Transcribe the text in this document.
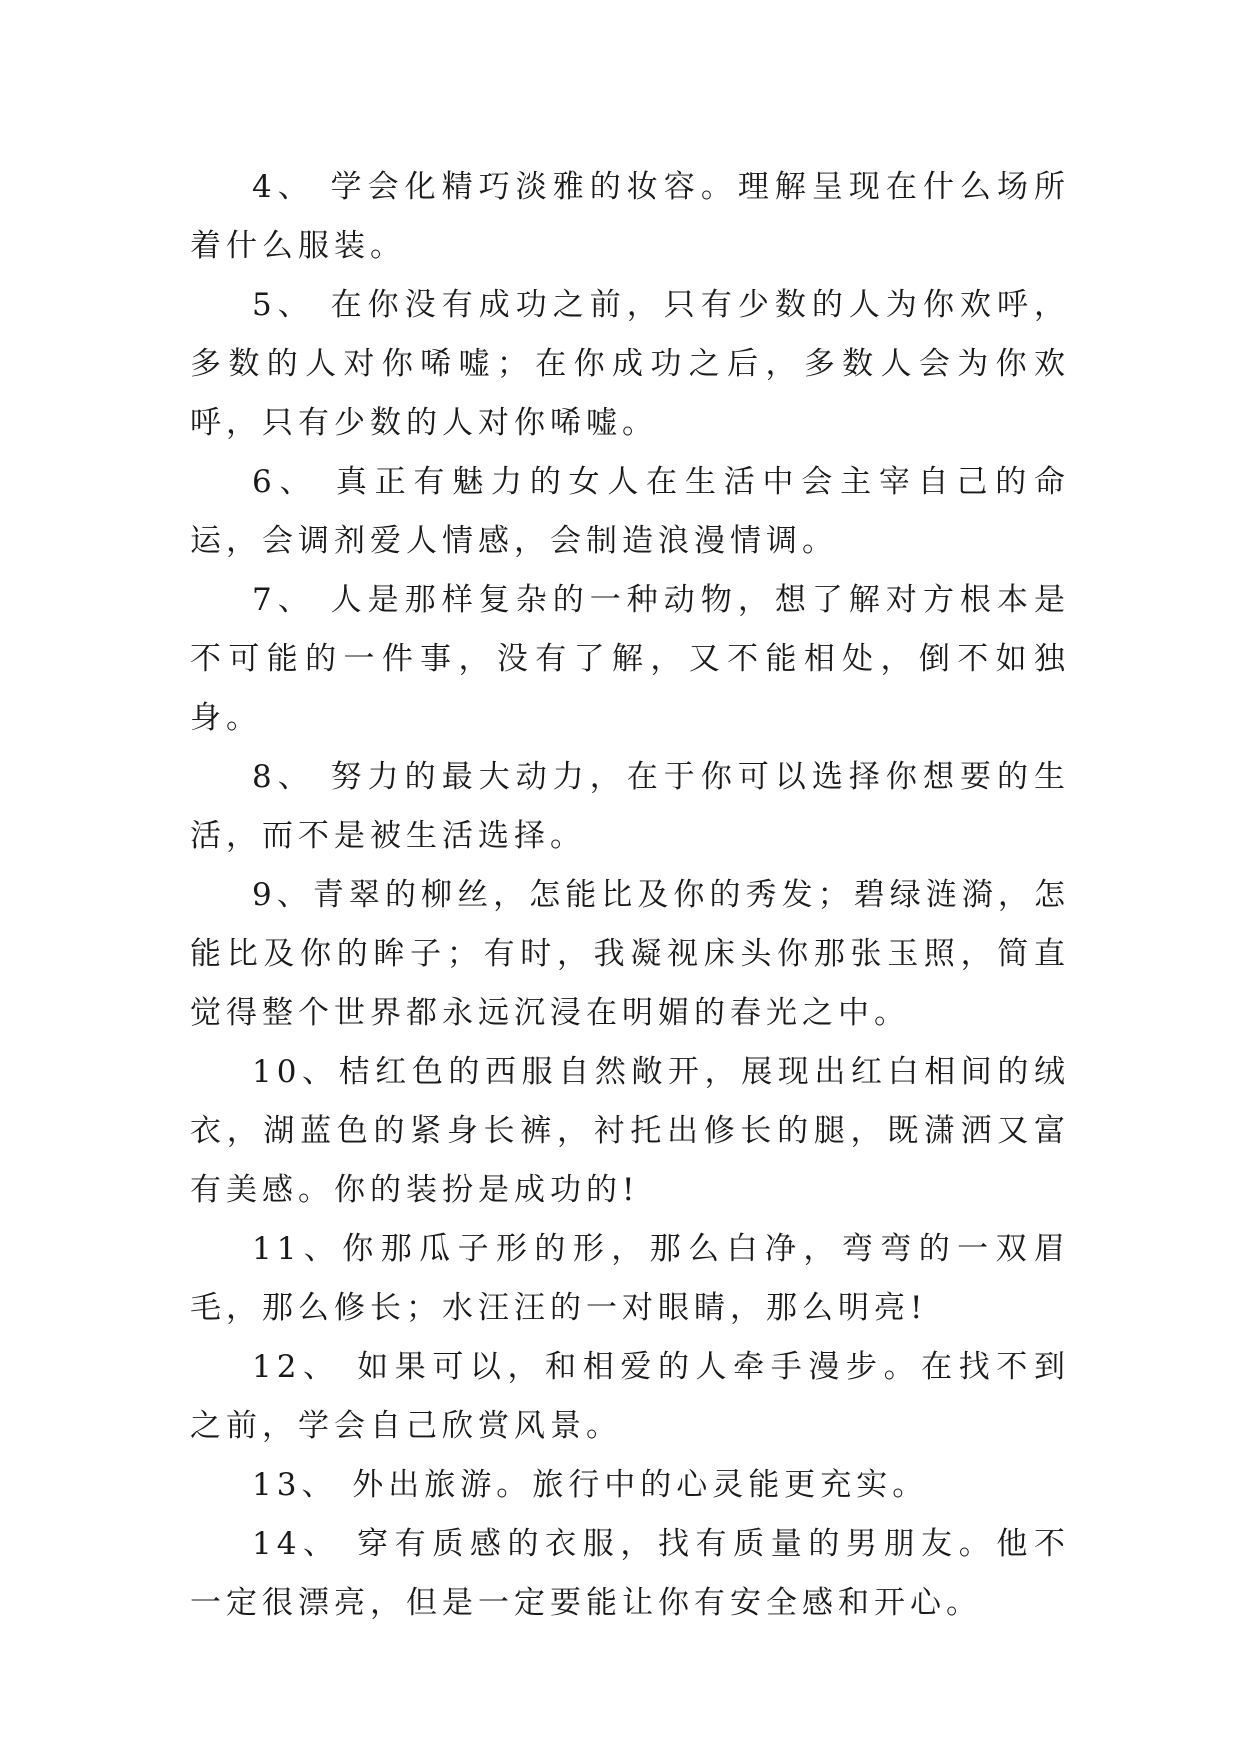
4、 学会化精巧淡雅的妆容。理解呈现在什么场所着什么服装。

5、 在你没有成功之前，只有少数的人为你欢呼，多数的人对你唏嘘；在你成功之后，多数人会为你欢呼，只有少数的人对你唏嘘。

6、 真正有魅力的女人在生活中会主宰自己的命运，会调剂爱人情感，会制造浪漫情调。

7、 人是那样复杂的一种动物，想了解对方根本是不可能的一件事，没有了解，又不能相处，倒不如独身。

8、 努力的最大动力，在于你可以选择你想要的生活，而不是被生活选择。

9、青翠的柳丝，怎能比及你的秀发；碧绿涟漪，怎能比及你的眸子；有时，我凝视床头你那张玉照，简直觉得整个世界都永远沉浸在明媚的春光之中。

10、桔红色的西服自然敞开，展现出红白相间的绒衣，湖蓝色的紧身长裤，衬托出修长的腿，既潇洒又富有美感。你的装扮是成功的!

11、你那瓜子形的形，那么白净，弯弯的一双眉毛，那么修长；水汪汪的一对眼睛，那么明亮!

12、 如果可以，和相爱的人牵手漫步。在找不到之前，学会自己欣赏风景。

13、 外出旅游。旅行中的心灵能更充实。

14、 穿有质感的衣服，找有质量的男朋友。他不一定很漂亮，但是一定要能让你有安全感和开心。
